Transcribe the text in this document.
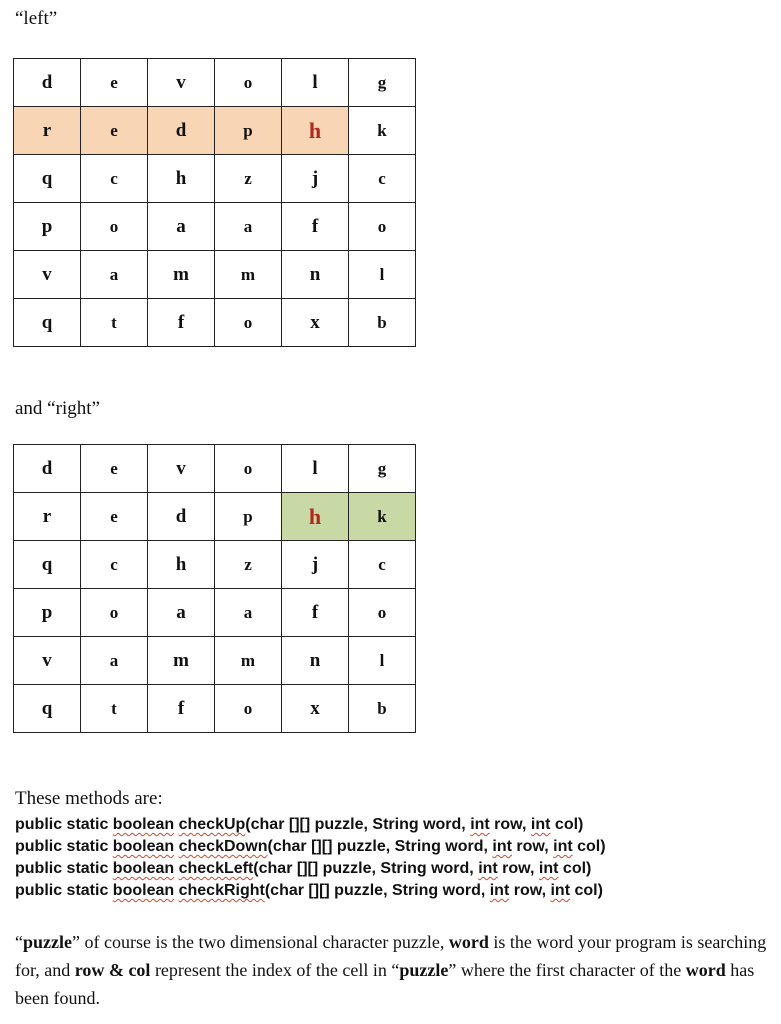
“left”
d	e	v	o	l	g
r	e	d	p	h	k
q	c	h	z	j	c
p	o	a	a	f	o
v	a	m	m	n	l
q	t	f	o	x	b
and “right”
d	e	v	o	l	g
r	e	d	p	h	k
q	c	h	z	j	c
p	o	a	a	f	o
v	a	m	m	n	l
q	t	f	o	x	b
These methods are:
public static boolean checkUp(char [][] puzzle, String word, int row, int col)
public static boolean checkDown(char [][] puzzle, String word, int row, int col)
public static boolean checkLeft(char [][] puzzle, String word, int row, int col)
public static boolean checkRight(char [][] puzzle, String word, int row, int col)
“puzzle” of course is the two dimensional character puzzle, word is the word your program is searching for, and row & col represent the index of the cell in “puzzle” where the first character of the word has been found.
